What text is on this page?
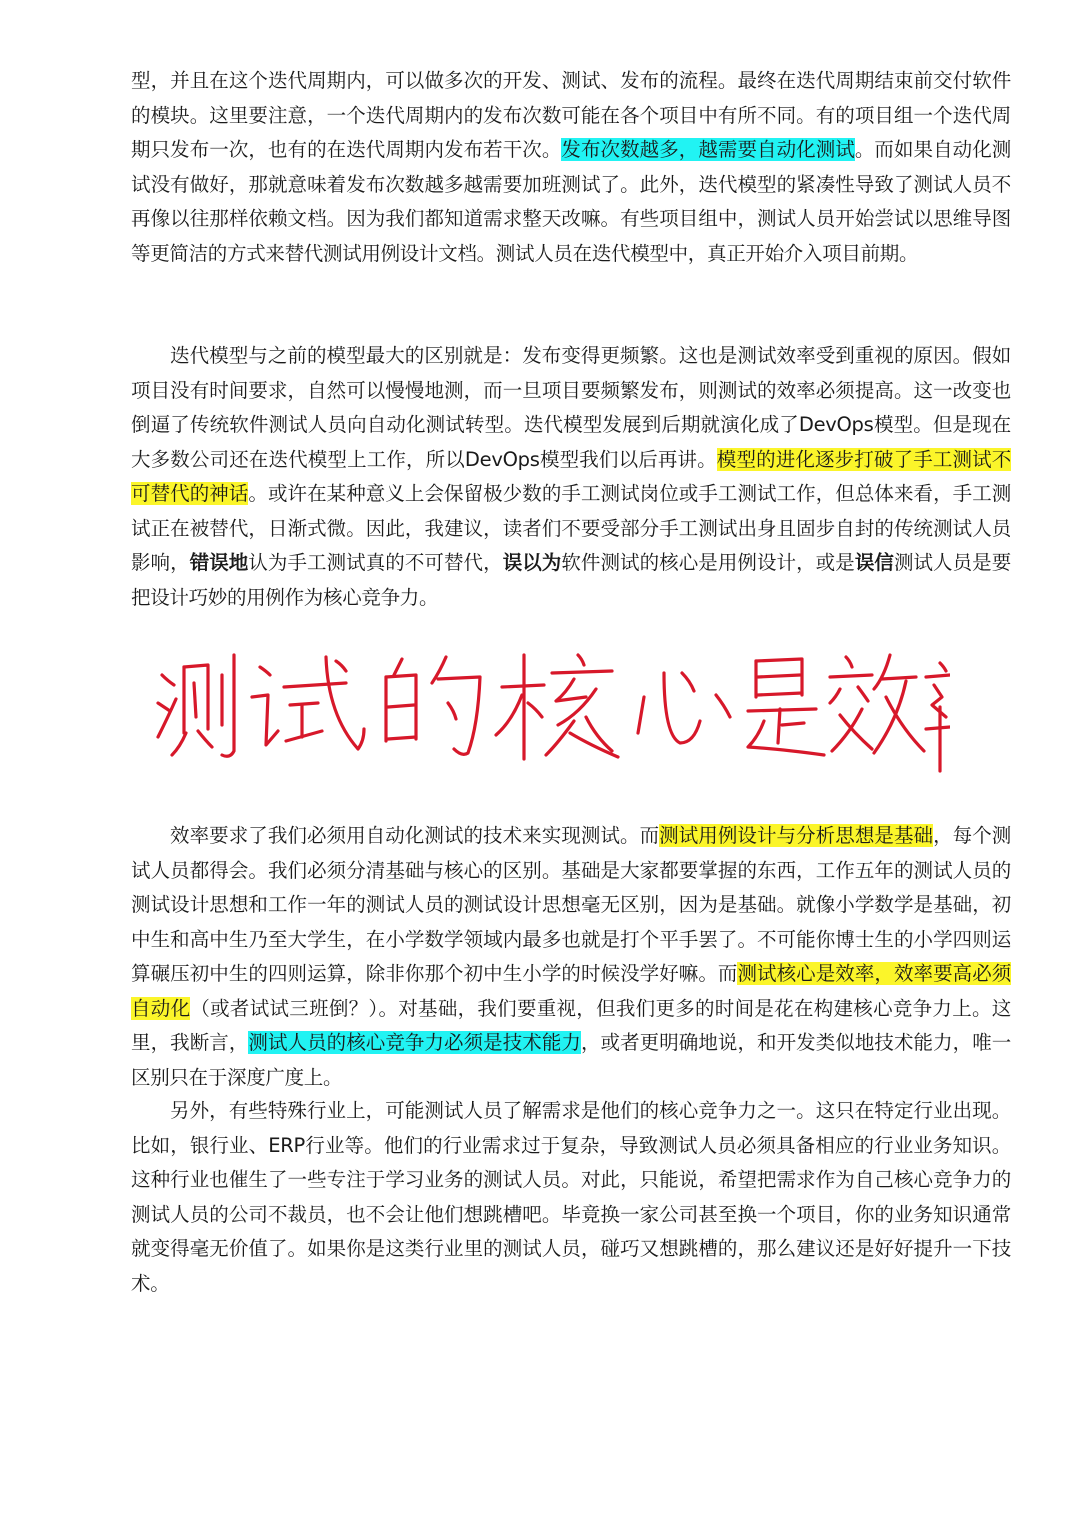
型，并且在这个迭代周期内，可以做多次的开发、测试、发布的流程。最终在迭代周期结束前交付软件的模块。这里要注意，一个迭代周期内的发布次数可能在各个项目中有所不同。有的项目组一个迭代周期只发布一次，也有的在迭代周期内发布若干次。发布次数越多，越需要自动化测试。而如果自动化测试没有做好，那就意味着发布次数越多越需要加班测试了。此外，迭代模型的紧凑性导致了测试人员不再像以往那样依赖文档。因为我们都知道需求整天改嘛。有些项目组中，测试人员开始尝试以思维导图等更简洁的方式来替代测试用例设计文档。测试人员在迭代模型中，真正开始介入项目前期。

迭代模型与之前的模型最大的区别就是：发布变得更频繁。这也是测试效率受到重视的原因。假如项目没有时间要求，自然可以慢慢地测，而一旦项目要频繁发布，则测试的效率必须提高。这一改变也倒逼了传统软件测试人员向自动化测试转型。迭代模型发展到后期就演化成了DevOps模型。但是现在大多数公司还在迭代模型上工作，所以DevOps模型我们以后再讲。模型的进化逐步打破了手工测试不可替代的神话。或许在某种意义上会保留极少数的手工测试岗位或手工测试工作，但总体来看，手工测试正在被替代，日渐式微。因此，我建议，读者们不要受部分手工测试出身且固步自封的传统测试人员影响，错误地认为手工测试真的不可替代，误以为软件测试的核心是用例设计，或是误信测试人员是要把设计巧妙的用例作为核心竞争力。

效率要求了我们必须用自动化测试的技术来实现测试。而测试用例设计与分析思想是基础，每个测试人员都得会。我们必须分清基础与核心的区别。基础是大家都要掌握的东西，工作五年的测试人员的测试设计思想和工作一年的测试人员的测试设计思想毫无区别，因为是基础。就像小学数学是基础，初中生和高中生乃至大学生，在小学数学领域内最多也就是打个平手罢了。不可能你博士生的小学四则运算碾压初中生的四则运算，除非你那个初中生小学的时候没学好嘛。而测试核心是效率，效率要高必须自动化（或者试试三班倒？）。对基础，我们要重视，但我们更多的时间是花在构建核心竞争力上。这里，我断言，测试人员的核心竞争力必须是技术能力，或者更明确地说，和开发类似地技术能力，唯一区别只在于深度广度上。

另外，有些特殊行业上，可能测试人员了解需求是他们的核心竞争力之一。这只在特定行业出现。比如，银行业、ERP行业等。他们的行业需求过于复杂，导致测试人员必须具备相应的行业业务知识。这种行业也催生了一些专注于学习业务的测试人员。对此，只能说，希望把需求作为自己核心竞争力的测试人员的公司不裁员，也不会让他们想跳槽吧。毕竟换一家公司甚至换一个项目，你的业务知识通常就变得毫无价值了。如果你是这类行业里的测试人员，碰巧又想跳槽的，那么建议还是好好提升一下技术。
